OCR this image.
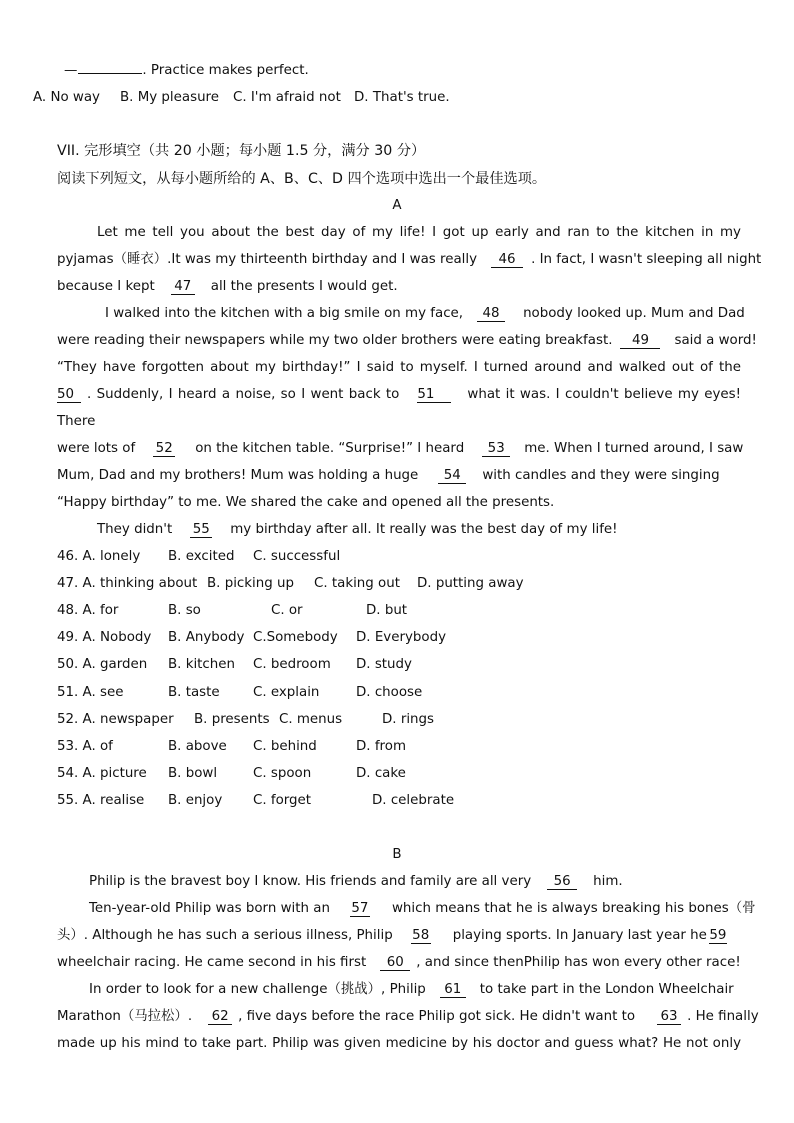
—	. Practice makes perfect.
A. No way B. My pleasure C. I'm afraid not D. That's true.
VII. 完形填空（共 20 小题；每小题 1.5 分，满分 30 分）
阅读下列短文，从每小题所给的 A、B、C、D 四个选项中选出一个最佳选项。
A
Let me tell you about the best day of my life! I got up early and ran to the kitchen in my
pyjamas（睡衣）.It was my thirteenth birthday and I was really 46 . In fact, I wasn't sleeping all night
because I kept 47 all the presents I would get.
I walked into the kitchen with a big smile on my face, 48 nobody looked up. Mum and Dad
were reading their newspapers while my two older brothers were eating breakfast. 49 said a word!
“They have forgotten about my birthday!” I said to myself. I turned around and walked out of the
50 . Suddenly, I heard a noise, so I went back to 51 what it was. I couldn't believe my eyes!
There
were lots of 52 on the kitchen table. “Surprise!” I heard 53 me. When I turned around, I saw
Mum, Dad and my brothers! Mum was holding a huge 54 with candles and they were singing
“Happy birthday” to me. We shared the cake and opened all the presents.
They didn't 55 my birthday after all. It really was the best day of my life!
46. A. lonely B. excited C. successful
47. A. thinking about B. picking up C. taking out D. putting away
48. A. for	B. so	C. or	D. but
49. A. Nobody B. Anybody C.Somebody D. Everybody
50. A. garden B. kitchen C. bedroom D. study
51. A. see	B. taste C. explain	D. choose
52. A. newspaper B. presents C. menus	D. rings
53. A. of	B. above C. behind	D. from
54. A. picture B. bowl	C. spoon	D. cake
55. A. realise B. enjoy C. forget	D. celebrate
B
Philip is the bravest boy I know. His friends and family are all very 56 him.
Ten-year-old Philip was born with an 57 which means that he is always breaking his bones（骨
头）. Although he has such a serious illness, Philip 58 playing sports. In January last year he 59
wheelchair racing. He came second in his first 60 , and since thenPhilip has won every other race!
In order to look for a new challenge（挑战）, Philip 61 to take part in the London Wheelchair
Marathon（马拉松）. 62 , five days before the race Philip got sick. He didn't want to 63 . He finally
made up his mind to take part. Philip was given medicine by his doctor and guess what? He not only
